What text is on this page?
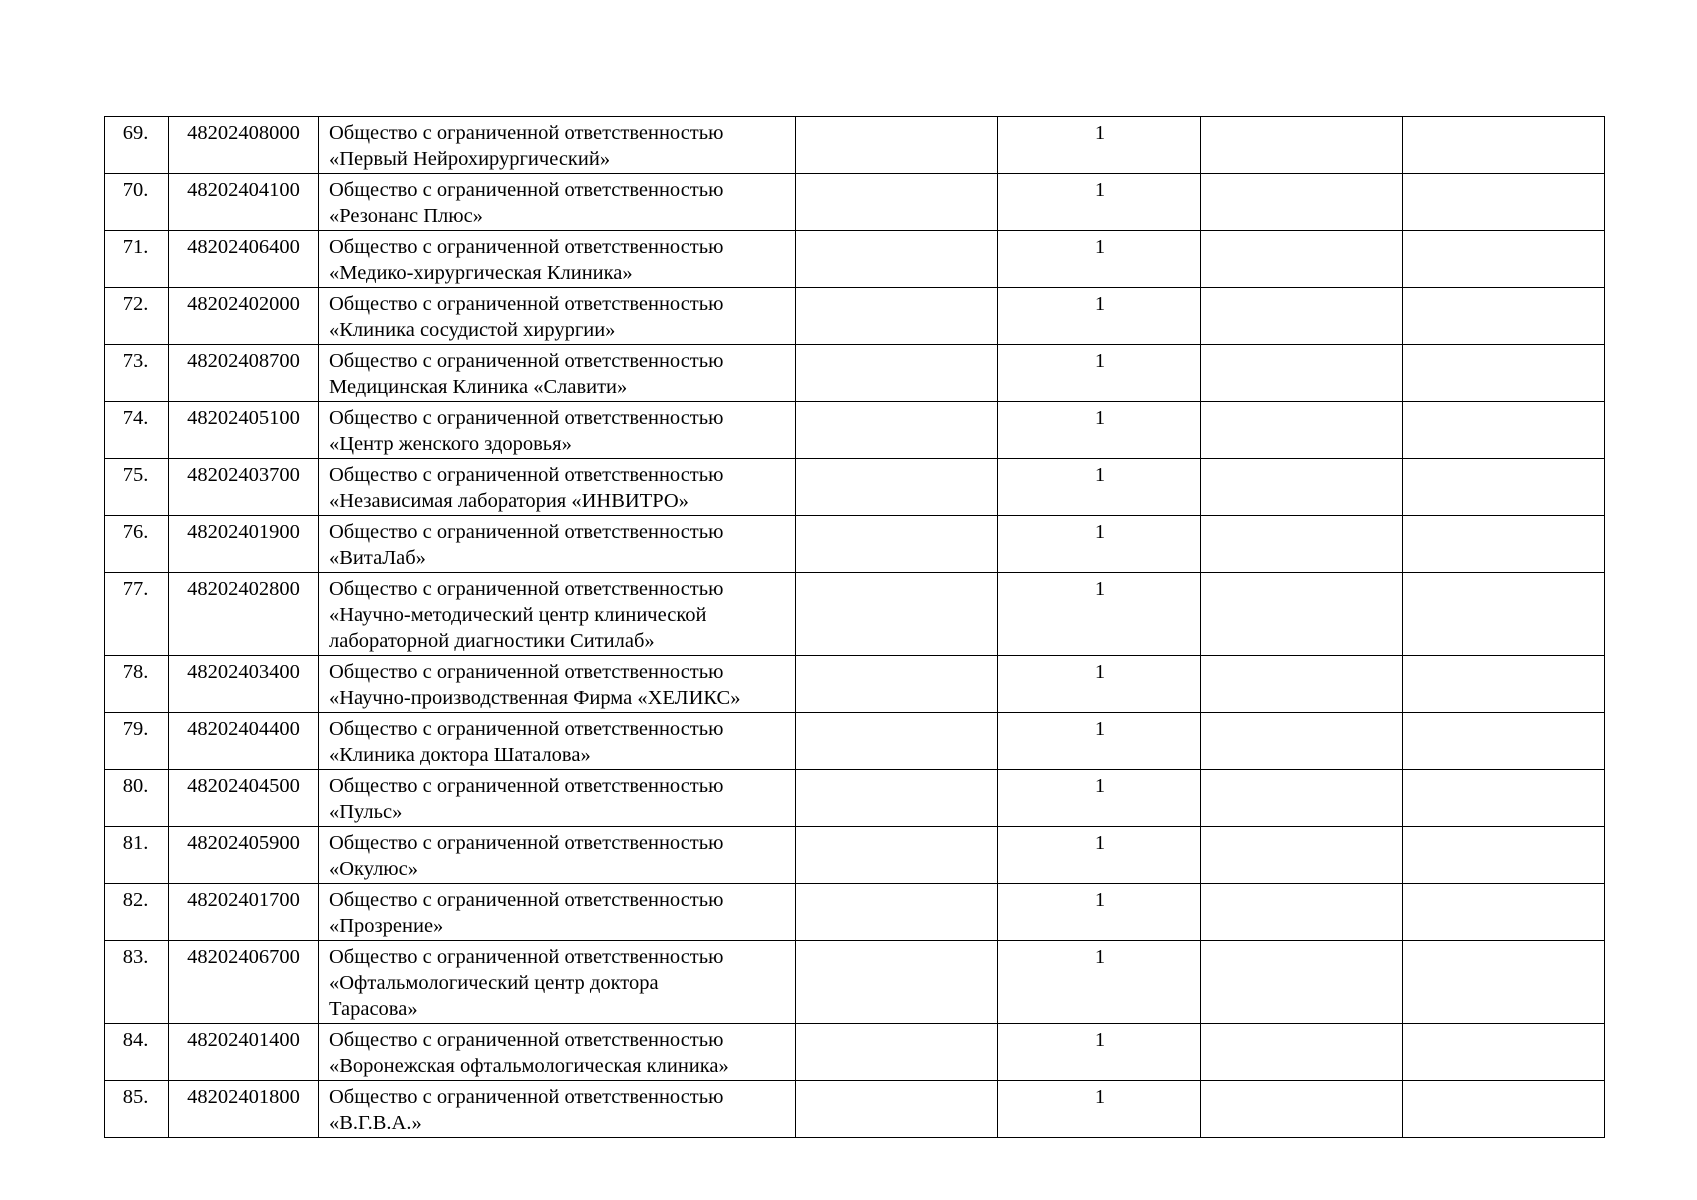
69.	48202408000	Общество с ограниченной ответственностью
«Первый Нейрохирургический»		1		
70.	48202404100	Общество с ограниченной ответственностью
«Резонанс Плюс»		1		
71.	48202406400	Общество с ограниченной ответственностью
«Медико-хирургическая Клиника»		1		
72.	48202402000	Общество с ограниченной ответственностью
«Клиника сосудистой хирургии»		1		
73.	48202408700	Общество с ограниченной ответственностью
Медицинская Клиника «Славити»		1		
74.	48202405100	Общество с ограниченной ответственностью
«Центр женского здоровья»		1		
75.	48202403700	Общество с ограниченной ответственностью
«Независимая лаборатория «ИНВИТРО»		1		
76.	48202401900	Общество с ограниченной ответственностью
«ВитаЛаб»		1		
77.	48202402800	Общество с ограниченной ответственностью
«Научно-методический центр клинической
лабораторной диагностики Ситилаб»		1		
78.	48202403400	Общество с ограниченной ответственностью
«Научно-производственная Фирма «ХЕЛИКС»		1		
79.	48202404400	Общество с ограниченной ответственностью
«Клиника доктора Шаталова»		1		
80.	48202404500	Общество с ограниченной ответственностью
«Пульс»		1		
81.	48202405900	Общество с ограниченной ответственностью
«Окулюс»		1		
82.	48202401700	Общество с ограниченной ответственностью
«Прозрение»		1		
83.	48202406700	Общество с ограниченной ответственностью
«Офтальмологический центр доктора
Тарасова»		1		
84.	48202401400	Общество с ограниченной ответственностью
«Воронежская офтальмологическая клиника»		1		
85.	48202401800	Общество с ограниченной ответственностью
«В.Г.В.А.»		1		
